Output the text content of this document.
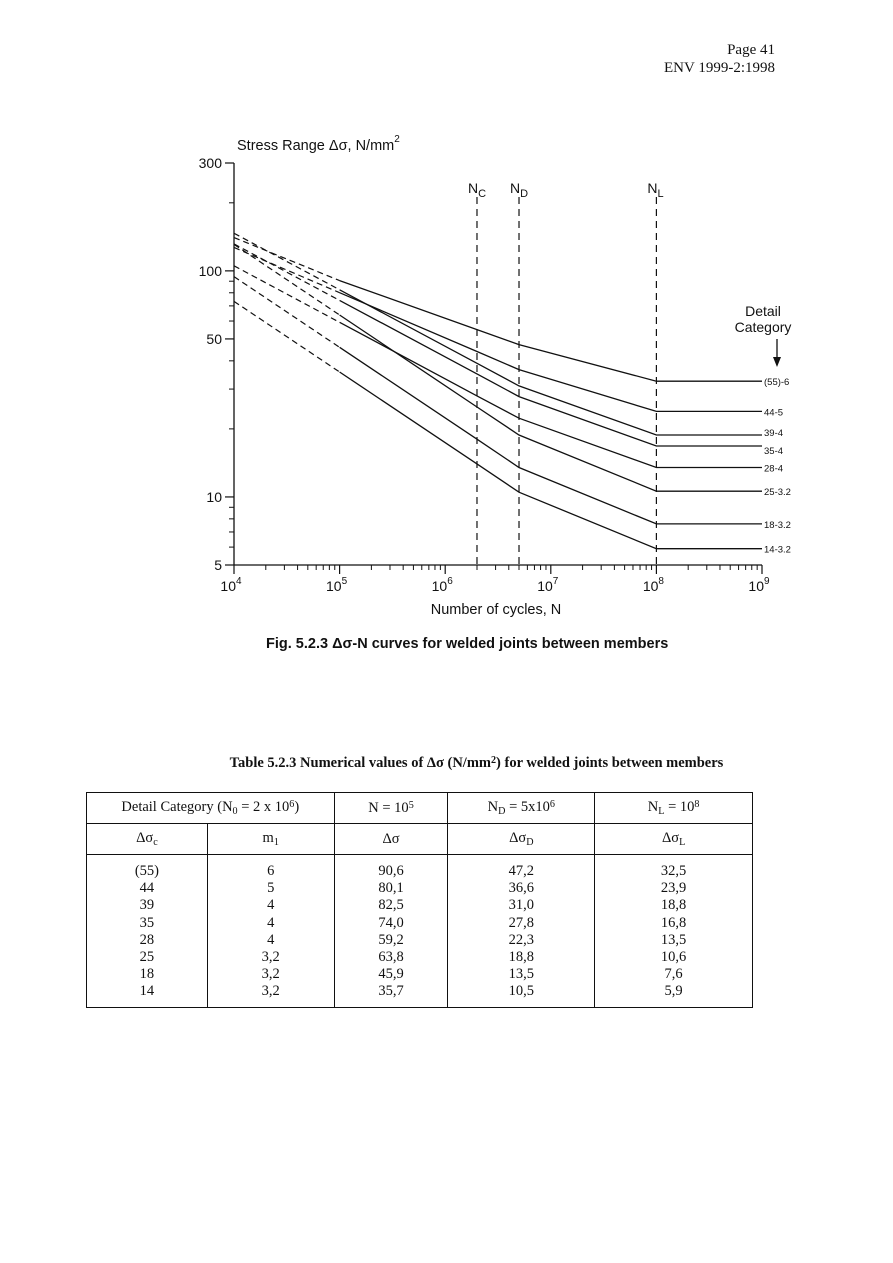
Page 41
ENV 1999-2:1998
5
10
50
100
300
$10^4$	$10^5$	$10^6$	$10^7$	$10^8$	$10^9$
Stress Range Δσ, $N/mm^2$
Number of cycles, N
$N_C$ $N_D$	$N_L$
(55)-6
44-5
39-4
35-4
28-4
25-3.2
18-3.2
14-3.2
Detail
Category
Fig. 5.2.3 Δσ-N curves for welded joints between members
Table 5.2.3 Numerical values of Δσ $(N/mm^2)$ for welded joints between members
Detail Category ($N_0 = 2$ x $10^6$)		$N = 10^5$	$N_D = 5x10^6$	$N_L = 10^8$
$\Delta\sigma_c$	$m_1$	Δσ	$\Delta\sigma_D$	$\Delta\sigma_L$
(55)	6	90,6	47,2	32,5
44	5	80,1	36,6	23,9
39	4	82,5	31,0	18,8
35	4	74,0	27,8	16,8
28	4	59,2	22,3	13,5
25	3,2	63,8	18,8	10,6
18	3,2	45,9	13,5	7,6
14	3,2	35,7	10,5	5,9
